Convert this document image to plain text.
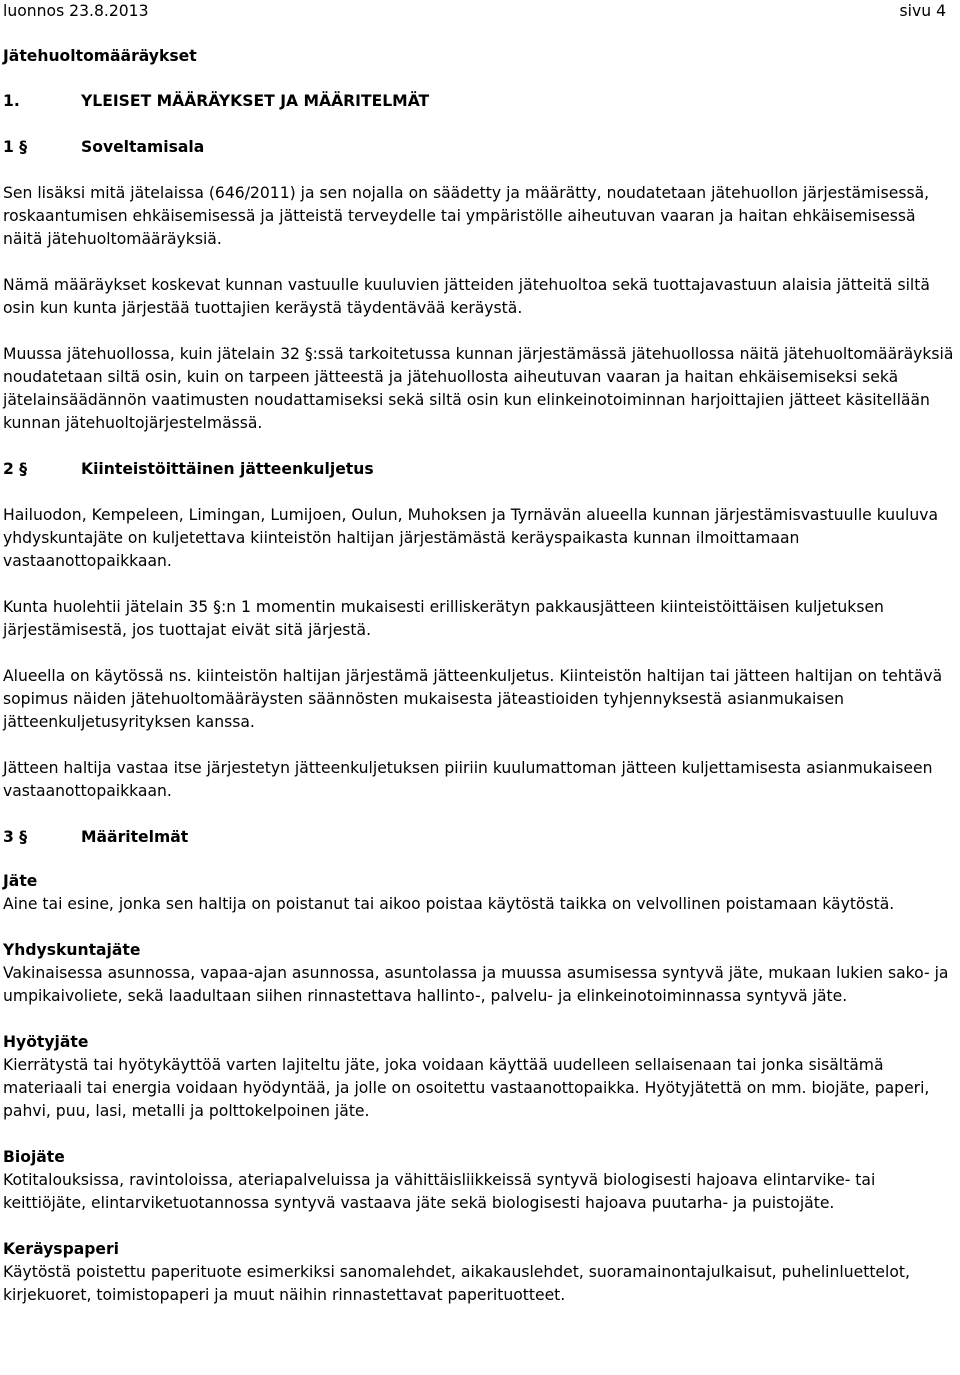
luonnos 23.8.2013	sivu 4
Jätehuoltomääräykset
1.	YLEISET MÄÄRÄYKSET JA MÄÄRITELMÄT
1 §	Soveltamisala

Sen lisäksi mitä jätelaissa (646/2011) ja sen nojalla on säädetty ja määrätty, noudatetaan jätehuollon järjestämisessä, roskaantumisen ehkäisemisessä ja jätteistä terveydelle tai ympäristölle aiheutuvan vaaran ja haitan ehkäisemisessä näitä jätehuoltomääräyksiä.

Nämä määräykset koskevat kunnan vastuulle kuuluvien jätteiden jätehuoltoa sekä tuottajavastuun alaisia jätteitä siltä osin kun kunta järjestää tuottajien keräystä täydentävää keräystä.

Muussa jätehuollossa, kuin jätelain 32 §:ssä tarkoitetussa kunnan järjestämässä jätehuollossa näitä jätehuoltomääräyksiä noudatetaan siltä osin, kuin on tarpeen jätteestä ja jätehuollosta aiheutuvan vaaran ja haitan ehkäisemiseksi sekä jätelainsäädännön vaatimusten noudattamiseksi sekä siltä osin kun elinkeinotoiminnan harjoittajien jätteet käsitellään kunnan jätehuoltojärjestelmässä.

2 §	Kiinteistöittäinen jätteenkuljetus

Hailuodon, Kempeleen, Limingan, Lumijoen, Oulun, Muhoksen ja Tyrnävän alueella kunnan järjestämisvastuulle kuuluva yhdyskuntajäte on kuljetettava kiinteistön haltijan järjestämästä keräyspaikasta kunnan ilmoittamaan vastaanottopaikkaan.

Kunta huolehtii jätelain 35 §:n 1 momentin mukaisesti erilliskerätyn pakkausjätteen kiinteistöittäisen kuljetuksen järjestämisestä, jos tuottajat eivät sitä järjestä.

Alueella on käytössä ns. kiinteistön haltijan järjestämä jätteenkuljetus. Kiinteistön haltijan tai jätteen haltijan on tehtävä sopimus näiden jätehuoltomääräysten säännösten mukaisesta jäteastioiden tyhjennyksestä asianmukaisen jätteenkuljetusyrityksen kanssa.

Jätteen haltija vastaa itse järjestetyn jätteenkuljetuksen piiriin kuulumattoman jätteen kuljettamisesta asianmukaiseen vastaanottopaikkaan.

3 §	Määritelmät
Jäte

Aine tai esine, jonka sen haltija on poistanut tai aikoo poistaa käytöstä taikka on velvollinen poistamaan käytöstä.

Yhdyskuntajäte

Vakinaisessa asunnossa, vapaa-ajan asunnossa, asuntolassa ja muussa asumisessa syntyvä jäte, mukaan lukien sako- ja umpikaivoliete, sekä laadultaan siihen rinnastettava hallinto-, palvelu- ja elinkeinotoiminnassa syntyvä jäte.

Hyötyjäte

Kierrätystä tai hyötykäyttöä varten lajiteltu jäte, joka voidaan käyttää uudelleen sellaisenaan tai jonka sisältämä materiaali tai energia voidaan hyödyntää, ja jolle on osoitettu vastaanottopaikka. Hyötyjätettä on mm. biojäte, paperi, pahvi, puu, lasi, metalli ja polttokelpoinen jäte.

Biojäte

Kotitalouksissa, ravintoloissa, ateriapalveluissa ja vähittäisliikkeissä syntyvä biologisesti hajoava elintarvike- tai keittiöjäte, elintarviketuotannossa syntyvä vastaava jäte sekä biologisesti hajoava puutarha- ja puistojäte.

Keräyspaperi

Käytöstä poistettu paperituote esimerkiksi sanomalehdet, aikakauslehdet, suoramainontajulkaisut, puhelinluettelot, kirjekuoret, toimistopaperi ja muut näihin rinnastettavat paperituotteet.
